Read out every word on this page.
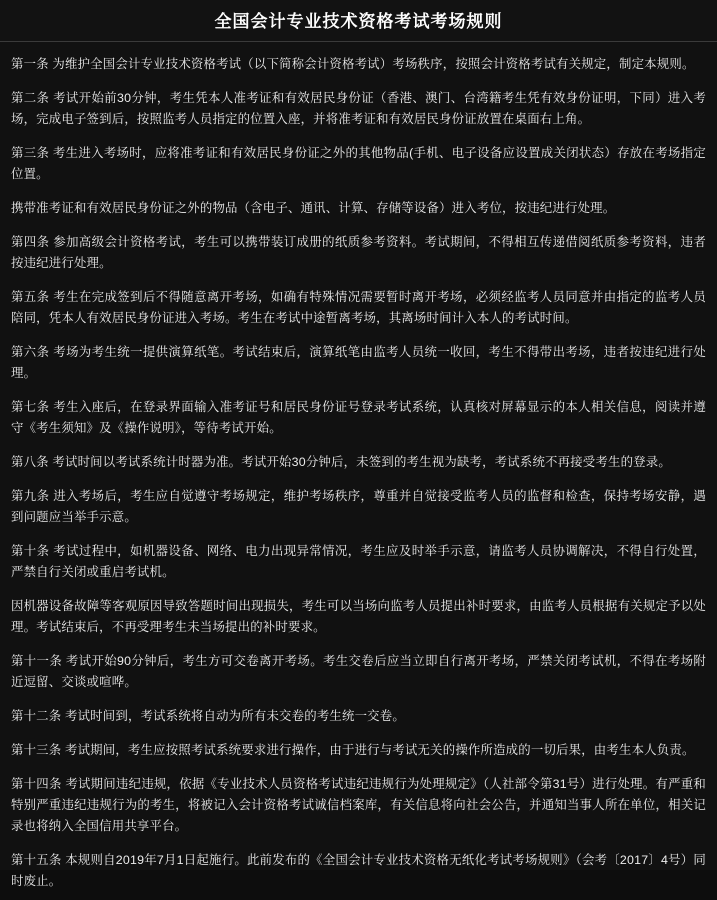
全国会计专业技术资格考试考场规则

第一条 为维护全国会计专业技术资格考试（以下简称会计资格考试）考场秩序，按照会计资格考试有关规定，制定本规则。

第二条 考试开始前30分钟，考生凭本人准考证和有效居民身份证（香港、澳门、台湾籍考生凭有效身份证明，下同）进入考场，完成电子签到后，按照监考人员指定的位置入座，并将准考证和有效居民身份证放置在桌面右上角。

第三条 考生进入考场时，应将准考证和有效居民身份证之外的其他物品(手机、电子设备应设置成关闭状态）存放在考场指定位置。

携带准考证和有效居民身份证之外的物品（含电子、通讯、计算、存储等设备）进入考位，按违纪进行处理。

第四条 参加高级会计资格考试，考生可以携带装订成册的纸质参考资料。考试期间，不得相互传递借阅纸质参考资料，违者按违纪进行处理。

第五条 考生在完成签到后不得随意离开考场，如确有特殊情况需要暂时离开考场，必须经监考人员同意并由指定的监考人员陪同，凭本人有效居民身份证进入考场。考生在考试中途暂离考场，其离场时间计入本人的考试时间。

第六条 考场为考生统一提供演算纸笔。考试结束后，演算纸笔由监考人员统一收回，考生不得带出考场，违者按违纪进行处理。

第七条 考生入座后，在登录界面输入准考证号和居民身份证号登录考试系统，认真核对屏幕显示的本人相关信息，阅读并遵守《考生须知》及《操作说明》，等待考试开始。

第八条 考试时间以考试系统计时器为准。考试开始30分钟后，未签到的考生视为缺考，考试系统不再接受考生的登录。

第九条 进入考场后，考生应自觉遵守考场规定，维护考场秩序，尊重并自觉接受监考人员的监督和检查，保持考场安静，遇到问题应当举手示意。

第十条 考试过程中，如机器设备、网络、电力出现异常情况，考生应及时举手示意，请监考人员协调解决，不得自行处置，严禁自行关闭或重启考试机。

因机器设备故障等客观原因导致答题时间出现损失，考生可以当场向监考人员提出补时要求，由监考人员根据有关规定予以处理。考试结束后，不再受理考生未当场提出的补时要求。

第十一条 考试开始90分钟后，考生方可交卷离开考场。考生交卷后应当立即自行离开考场，严禁关闭考试机，不得在考场附近逗留、交谈或喧哗。

第十二条 考试时间到，考试系统将自动为所有未交卷的考生统一交卷。

第十三条 考试期间，考生应按照考试系统要求进行操作，由于进行与考试无关的操作所造成的一切后果，由考生本人负责。

第十四条 考试期间违纪违规，依据《专业技术人员资格考试违纪违规行为处理规定》（人社部令第31号）进行处理。有严重和特别严重违纪违规行为的考生，将被记入会计资格考试诚信档案库，有关信息将向社会公告，并通知当事人所在单位，相关记录也将纳入全国信用共享平台。

第十五条 本规则自2019年7月1日起施行。此前发布的《全国会计专业技术资格无纸化考试考场规则》（会考〔2017〕4号）同时废止。
